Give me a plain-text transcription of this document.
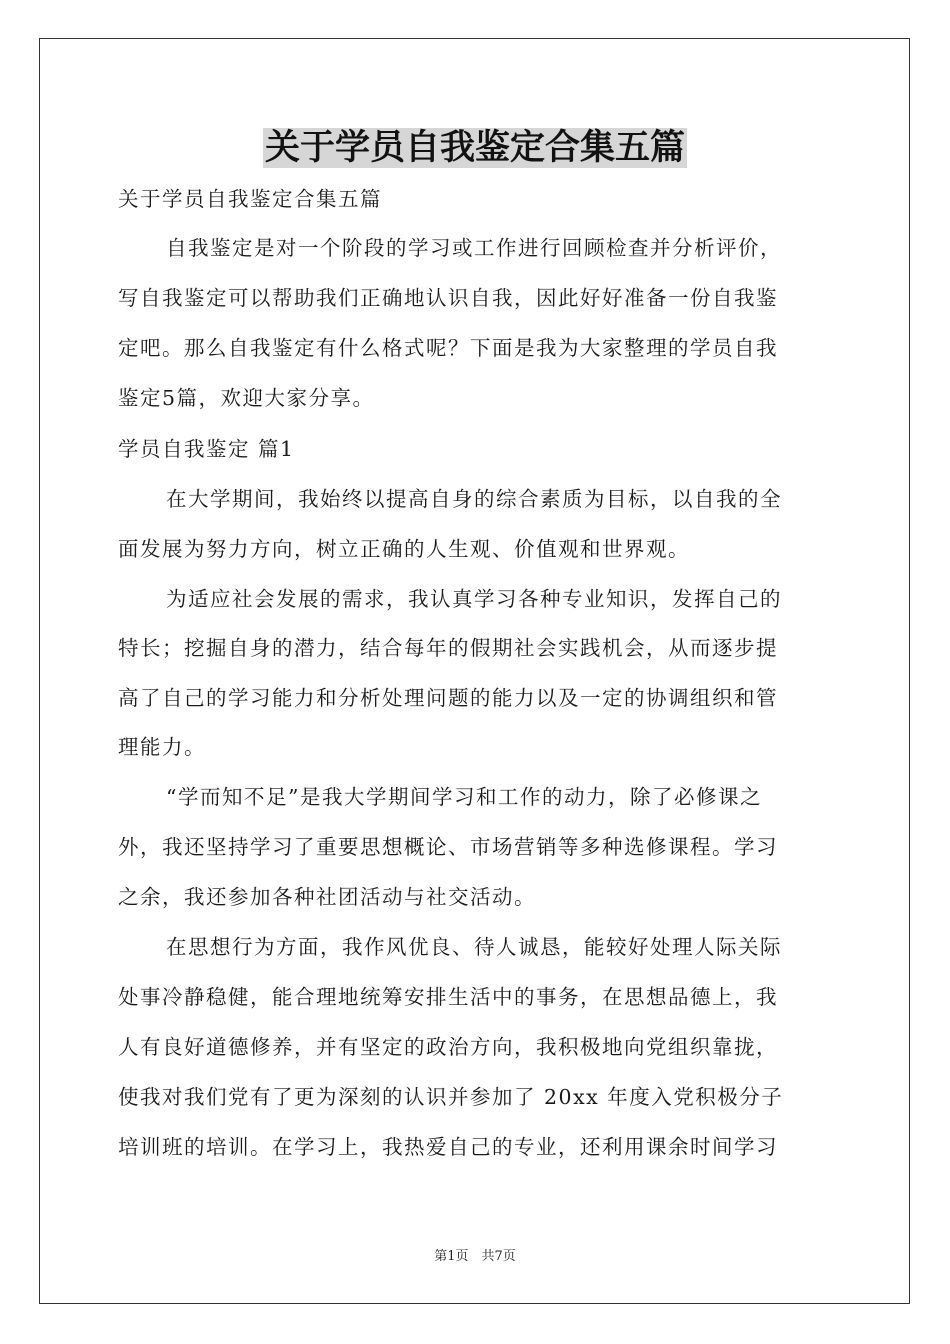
关于学员自我鉴定合集五篇

关于学员自我鉴定合集五篇

自我鉴定是对一个阶段的学习或工作进行回顾检查并分析评价，

写自我鉴定可以帮助我们正确地认识自我，因此好好准备一份自我鉴

定吧。那么自我鉴定有什么格式呢？下面是我为大家整理的学员自我

鉴定5篇，欢迎大家分享。

学员自我鉴定 篇1

在大学期间，我始终以提高自身的综合素质为目标，以自我的全

面发展为努力方向，树立正确的人生观、价值观和世界观。

为适应社会发展的需求，我认真学习各种专业知识，发挥自己的

特长；挖掘自身的潜力，结合每年的假期社会实践机会，从而逐步提

高了自己的学习能力和分析处理问题的能力以及一定的协调组织和管

理能力。

“学而知不足”是我大学期间学习和工作的动力，除了必修课之

外，我还坚持学习了重要思想概论、市场营销等多种选修课程。学习

之余，我还参加各种社团活动与社交活动。

在思想行为方面，我作风优良、待人诚恳，能较好处理人际关际

处事冷静稳健，能合理地统筹安排生活中的事务，在思想品德上，我

人有良好道德修养，并有坚定的政治方向，我积极地向党组织靠拢，

使我对我们党有了更为深刻的认识并参加了 20xx 年度入党积极分子

培训班的培训。在学习上，我热爱自己的专业，还利用课余时间学习

第1页　共7页
